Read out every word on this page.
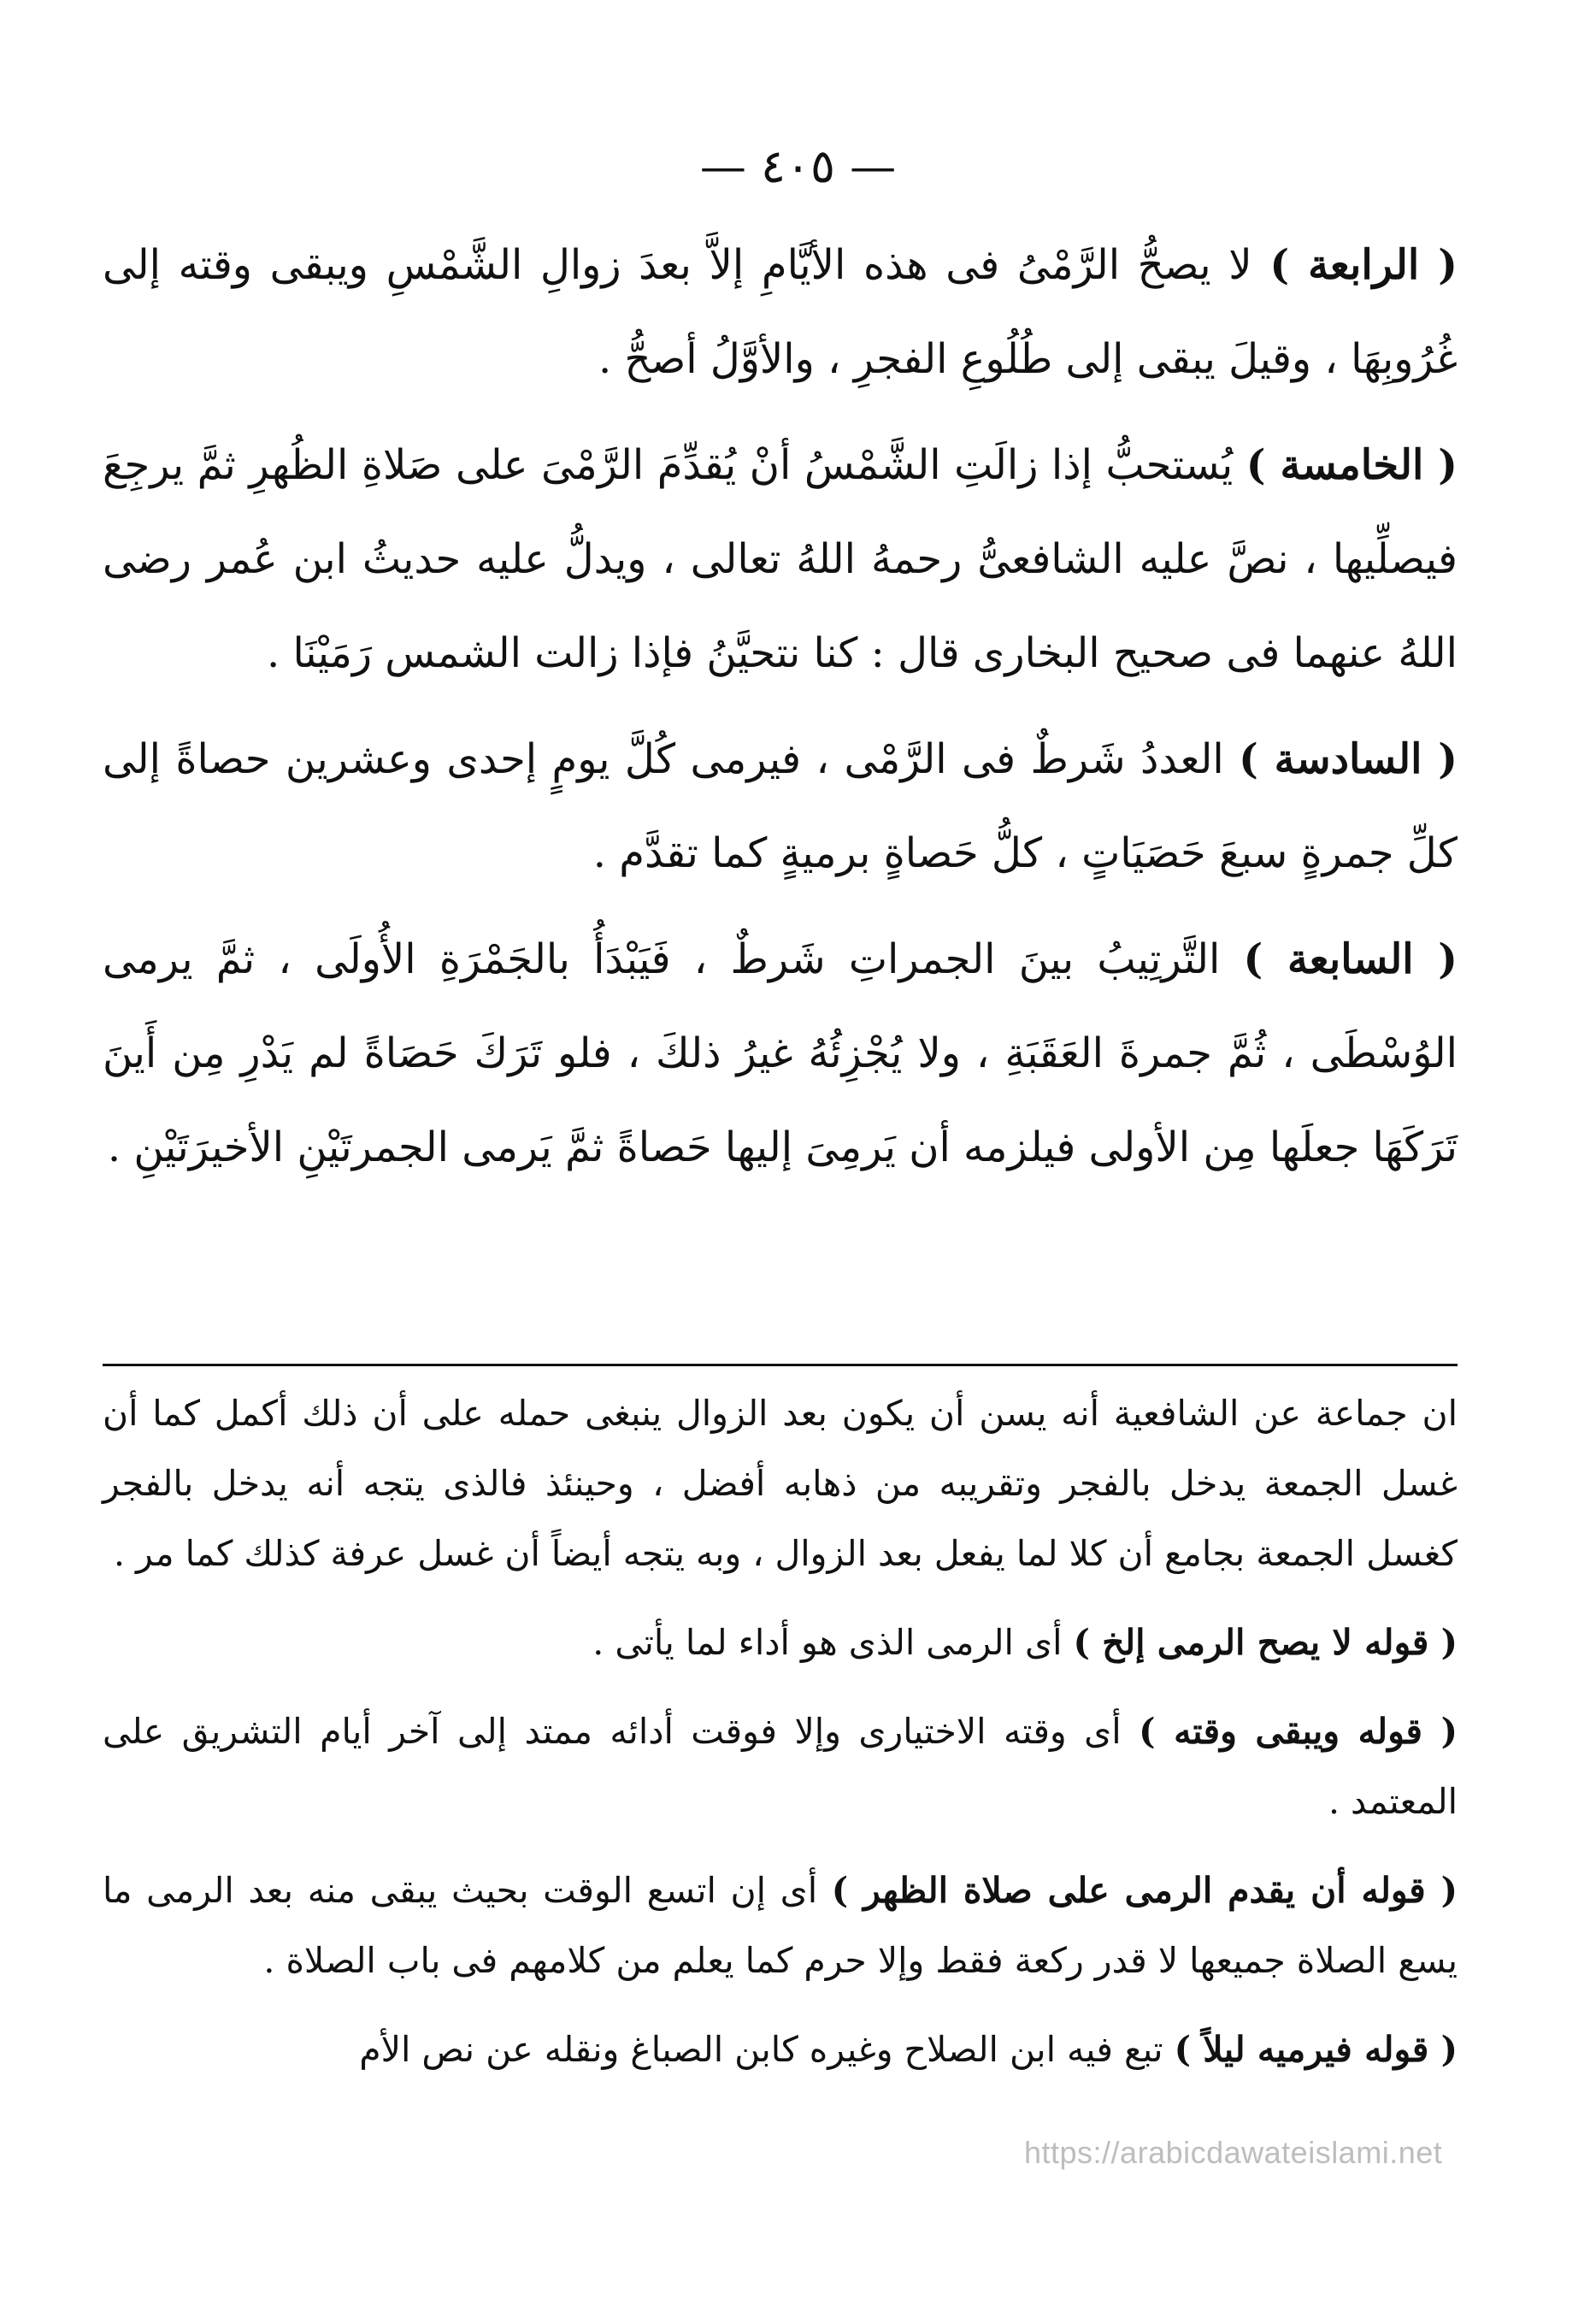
— ٤٠٥ —

( الرابعة ) لا يصحُّ الرَّمْىُ فى هذه الأيَّامِ إلاَّ بعدَ زوالِ الشَّمْسِ ويبقى وقته إلى غُرُوبِهَا ، وقيلَ يبقى إلى طُلُوعِ الفجرِ ، والأوَّلُ أصحُّ .

( الخامسة ) يُستحبُّ إذا زالَتِ الشَّمْسُ أنْ يُقدِّمَ الرَّمْىَ على صَلاةِ الظُهرِ ثمَّ يرجِعَ فيصلِّيها ، نصَّ عليه الشافعىُّ رحمهُ اللهُ تعالى ، ويدلُّ عليه حديثُ ابن عُمر رضى اللهُ عنهما فى صحيح البخارى قال : كنا نتحيَّنُ فإذا زالت الشمس رَمَيْنَا .

( السادسة ) العددُ شَرطٌ فى الرَّمْى ، فيرمى كُلَّ يومٍ إحدى وعشرين حصاةً إلى كلِّ جمرةٍ سبعَ حَصَيَاتٍ ، كلُّ حَصاةٍ برميةٍ كما تقدَّم .

( السابعة ) التَّرتِيبُ بينَ الجمراتِ شَرطٌ ، فَيَبْدَأُ بالجَمْرَةِ الأُولَى ، ثمَّ يرمى الوُسْطَى ، ثُمَّ جمرةَ العَقَبَةِ ، ولا يُجْزِئُهُ غيرُ ذلكَ ، فلو تَرَكَ حَصَاةً لم يَدْرِ مِن أَينَ تَرَكَهَا جعلَها مِن الأولى فيلزمه أن يَرمِىَ إليها حَصاةً ثمَّ يَرمى الجمرتَيْنِ الأخيرَتَيْنِ .

ان جماعة عن الشافعية أنه يسن أن يكون بعد الزوال ينبغى حمله على أن ذلك أكمل كما أن غسل الجمعة يدخل بالفجر وتقريبه من ذهابه أفضل ، وحينئذ فالذى يتجه أنه يدخل بالفجر كغسل الجمعة بجامع أن كلا لما يفعل بعد الزوال ، وبه يتجه أيضاً أن غسل عرفة كذلك كما مر .

( قوله لا يصح الرمى إلخ ) أى الرمى الذى هو أداء لما يأتى .

( قوله ويبقى وقته ) أى وقته الاختيارى وإلا فوقت أدائه ممتد إلى آخر أيام التشريق على المعتمد .

( قوله أن يقدم الرمى على صلاة الظهر ) أى إن اتسع الوقت بحيث يبقى منه بعد الرمى ما يسع الصلاة جميعها لا قدر ركعة فقط وإلا حرم كما يعلم من كلامهم فى باب الصلاة .

( قوله فيرميه ليلاً ) تبع فيه ابن الصلاح وغيره كابن الصباغ ونقله عن نص الأم

https://arabicdawateislami.net
